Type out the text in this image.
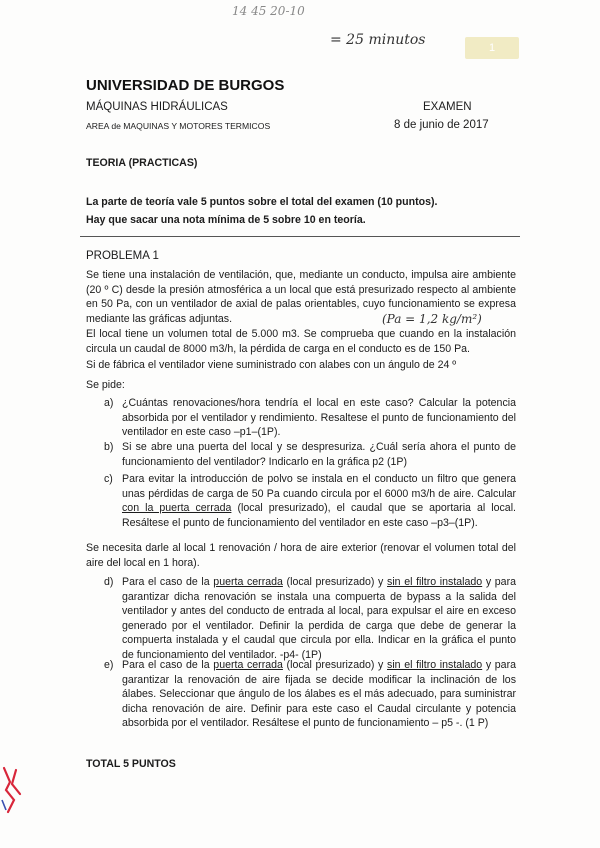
14 45 20-10
= 25 minutos	1
UNIVERSIDAD DE BURGOS
MÁQUINAS HIDRÁULICAS	EXAMEN
AREA de MAQUINAS Y MOTORES TERMICOS	8 de junio de 2017
TEORIA (PRACTICAS)
La parte de teoría vale 5 puntos sobre el total del examen (10 puntos).
Hay que sacar una nota mínima de 5 sobre 10 en teoría.
PROBLEMA 1
Se tiene una instalación de ventilación, que, mediante un conducto, impulsa aire ambiente (20 º C) desde la presión atmosférica a un local que está presurizado respecto al ambiente en 50 Pa, con un ventilador de axial de palas orientables, cuyo funcionamiento se expresa mediante las gráficas adjuntas.	(Pa = 1,2 kg/m²)
El local tiene un volumen total de 5.000 m3. Se comprueba que cuando en la instalación circula un caudal de 8000 m3/h, la pérdida de carga en el conducto es de 150 Pa.
Si de fábrica el ventilador viene suministrado con alabes con un ángulo de 24 º
Se pide:
a) ¿Cuántas renovaciones/hora tendría el local en este caso? Calcular la potencia absorbida por el ventilador y rendimiento. Resaltese el punto de funcionamiento del ventilador en este caso –p1–(1P).
b) Si se abre una puerta del local y se despresuriza. ¿Cuál sería ahora el punto de funcionamiento del ventilador? Indicarlo en la gráfica p2 (1P)
c) Para evitar la introducción de polvo se instala en el conducto un filtro que genera unas pérdidas de carga de 50 Pa cuando circula por el 6000 m3/h de aire. Calcular con la puerta cerrada (local presurizado), el caudal que se aportaria al local. Resáltese el punto de funcionamiento del ventilador en este caso –p3–(1P).
Se necesita darle al local 1 renovación / hora de aire exterior (renovar el volumen total del aire del local en 1 hora).
d) Para el caso de la puerta cerrada (local presurizado) y sin el filtro instalado y para garantizar dicha renovación se instala una compuerta de bypass a la salida del ventilador y antes del conducto de entrada al local, para expulsar el aire en exceso generado por el ventilador. Definir la perdida de carga que debe de generar la compuerta instalada y el caudal que circula por ella. Indicar en la gráfica el punto de funcionamiento del ventilador. -p4- (1P)
e) Para el caso de la puerta cerrada (local presurizado) y sin el filtro instalado y para garantizar la renovación de aire fijada se decide modificar la inclinación de los álabes. Seleccionar que ángulo de los álabes es el más adecuado, para suministrar dicha renovación de aire. Definir para este caso el Caudal circulante y potencia absorbida por el ventilador. Resáltese el punto de funcionamiento – p5 -. (1 P)
TOTAL 5 PUNTOS
